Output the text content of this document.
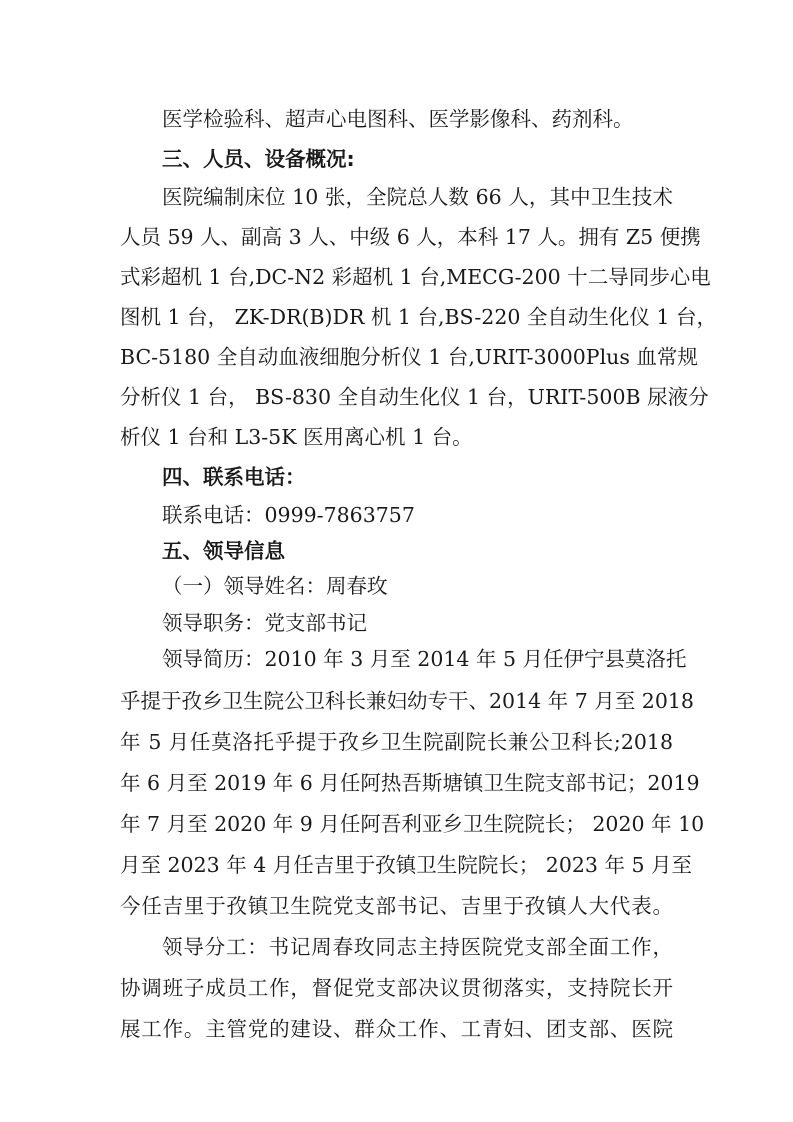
医学检验科、超声心电图科、医学影像科、药剂科。
三、人员、设备概况:
医院编制床位 10 张，全院总人数 66 人，其中卫生技术
人员 59 人、副高 3 人、中级 6 人，本科 17 人。拥有 Z5 便携
式彩超机 1 台,DC-N2 彩超机 1 台,MECG-200 十二导同步心电
图机 1 台， ZK-DR(B)DR 机 1 台,BS-220 全自动生化仪 1 台，
BC-5180 全自动血液细胞分析仪 1 台,URIT-3000Plus 血常规
分析仪 1 台， BS-830 全自动生化仪 1 台，URIT-500B 尿液分
析仪 1 台和 L3-5K 医用离心机 1 台。
四、联系电话：
联系电话：0999-7863757
五、领导信息
（一）领导姓名：周春玫
领导职务：党支部书记
领导简历：2010 年 3 月至 2014 年 5 月任伊宁县莫洛托
乎提于孜乡卫生院公卫科长兼妇幼专干、2014 年 7 月至 2018
年 5 月任莫洛托乎提于孜乡卫生院副院长兼公卫科长;2018
年 6 月至 2019 年 6 月任阿热吾斯塘镇卫生院支部书记；2019
年 7 月至 2020 年 9 月任阿吾利亚乡卫生院院长； 2020 年 10
月至 2023 年 4 月任吉里于孜镇卫生院院长； 2023 年 5 月至
今任吉里于孜镇卫生院党支部书记、吉里于孜镇人大代表。
领导分工：书记周春玫同志主持医院党支部全面工作，
协调班子成员工作，督促党支部决议贯彻落实，支持院长开
展工作。主管党的建设、群众工作、工青妇、团支部、医院
